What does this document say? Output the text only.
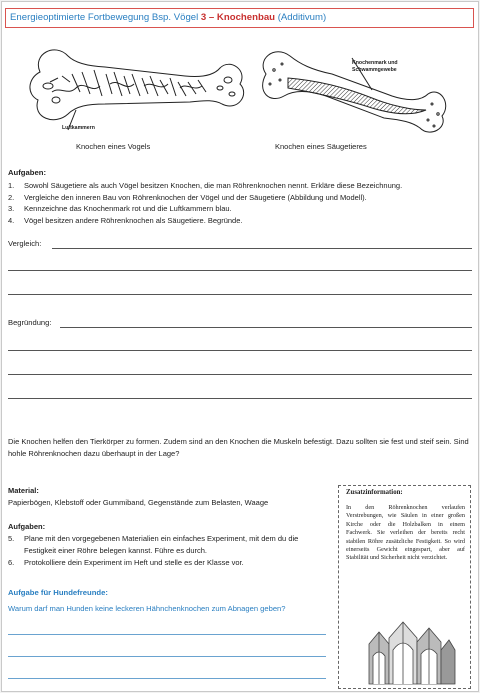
Energieoptimierte Fortbewegung Bsp. Vögel 3 – Knochenbau (Additivum)
Luftkammern
Knochen eines Vogels
Knochenmark und
Schwammgewebe
Knochen eines Säugetieres
Aufgaben:
1.	Sowohl Säugetiere als auch Vögel besitzen Knochen, die man Röhrenknochen nennt. Erkläre diese Bezeichnung.
2.	Vergleiche den inneren Bau von Röhrenknochen der Vögel und der Säugetiere (Abbildung und Modell).
3.	Kennzeichne das Knochenmark rot und die Luftkammern blau.
4.	Vögel besitzen andere Röhrenknochen als Säugetiere. Begründe.
Vergleich:
Begründung:
Die Knochen helfen den Tierkörper zu formen. Zudem sind an den Knochen die Muskeln befestigt. Dazu sollten sie fest und steif sein. Sind hohle Röhrenknochen dazu überhaupt in der Lage?
Material:
Papierbögen, Klebstoff oder Gummiband, Gegenstände zum Belasten, Waage
Aufgaben:
5.	Plane mit den vorgegebenen Materialien ein einfaches Experiment, mit dem du die Festigkeit einer Röhre belegen kannst. Führe es durch.
6.	Protokolliere dein Experiment im Heft und stelle es der Klasse vor.
Zusatzinformation:
In den Röhrenknochen verlaufen Verstrebungen, wie Säulen in einer großen Kirche oder die Holzbalken in einem Fachwerk. Sie verleihen der bereits recht stabilen Röhre zusätzliche Festigkeit. So wird einerseits Gewicht eingespart, aber auf Stabilität und Sicherheit nicht verzichtet.
Aufgabe für Hundefreunde:
Warum darf man Hunden keine leckeren Hähnchenknochen zum Abnagen geben?
